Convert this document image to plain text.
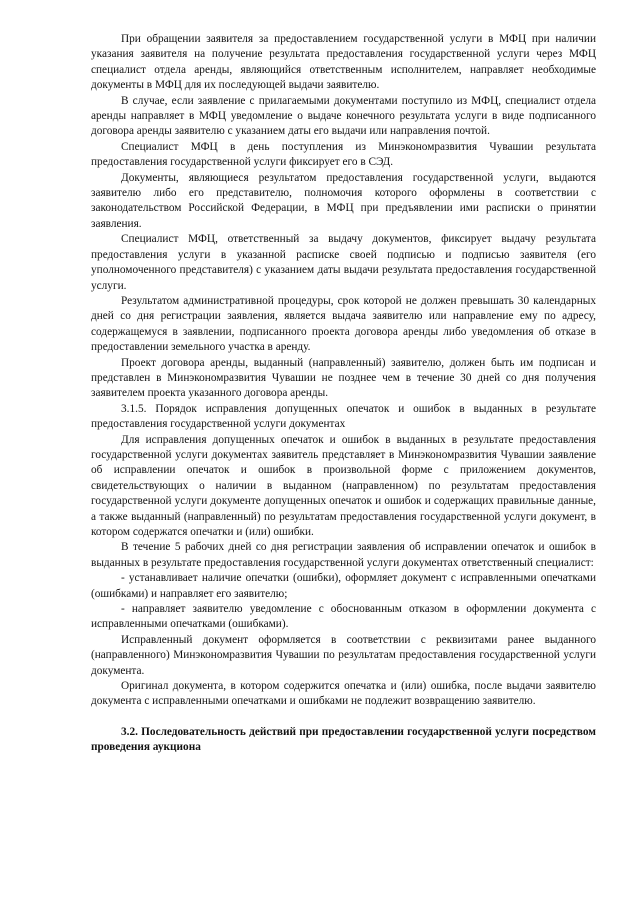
При обращении заявителя за предоставлением государственной услуги в МФЦ при наличии указания заявителя на получение результата предоставления государственной услуги через МФЦ специалист отдела аренды, являющийся ответственным исполнителем, направляет необходимые документы в МФЦ для их последующей выдачи заявителю.

В случае, если заявление с прилагаемыми документами поступило из МФЦ, специалист отдела аренды направляет в МФЦ уведомление о выдаче конечного результата услуги в виде подписанного договора аренды заявителю с указанием даты его выдачи или направления почтой.

Специалист МФЦ в день поступления из Минэкономразвития Чувашии результата предоставления государственной услуги фиксирует его в СЭД.

Документы, являющиеся результатом предоставления государственной услуги, выдаются заявителю либо его представителю, полномочия которого оформлены в соответствии с законодательством Российской Федерации, в МФЦ при предъявлении ими расписки о принятии заявления.

Специалист МФЦ, ответственный за выдачу документов, фиксирует выдачу результата предоставления услуги в указанной расписке своей подписью и подписью заявителя (его уполномоченного представителя) с указанием даты выдачи результата предоставления государственной услуги.

Результатом административной процедуры, срок которой не должен превышать 30 календарных дней со дня регистрации заявления, является выдача заявителю или направление ему по адресу, содержащемуся в заявлении, подписанного проекта договора аренды либо уведомления об отказе в предоставлении земельного участка в аренду.

Проект договора аренды, выданный (направленный) заявителю, должен быть им подписан и представлен в Минэкономразвития Чувашии не позднее чем в течение 30 дней со дня получения заявителем проекта указанного договора аренды.

3.1.5. Порядок исправления допущенных опечаток и ошибок в выданных в результате предоставления государственной услуги документах

Для исправления допущенных опечаток и ошибок в выданных в результате предоставления государственной услуги документах заявитель представляет в Минэкономразвития Чувашии заявление об исправлении опечаток и ошибок в произвольной форме с приложением документов, свидетельствующих о наличии в выданном (направленном) по результатам предоставления государственной услуги документе допущенных опечаток и ошибок и содержащих правильные данные, а также выданный (направленный) по результатам предоставления государственной услуги документ, в котором содержатся опечатки и (или) ошибки.

В течение 5 рабочих дней со дня регистрации заявления об исправлении опечаток и ошибок в выданных в результате предоставления государственной услуги документах ответственный специалист:

- устанавливает наличие опечатки (ошибки), оформляет документ с исправленными опечатками (ошибками) и направляет его заявителю;

- направляет заявителю уведомление с обоснованным отказом в оформлении документа с исправленными опечатками (ошибками).

Исправленный документ оформляется в соответствии с реквизитами ранее выданного (направленного) Минэкономразвития Чувашии по результатам предоставления государственной услуги документа.

Оригинал документа, в котором содержится опечатка и (или) ошибка, после выдачи заявителю документа с исправленными опечатками и ошибками не подлежит возвращению заявителю.

3.2. Последовательность действий при предоставлении государственной услуги посредством проведения аукциона
